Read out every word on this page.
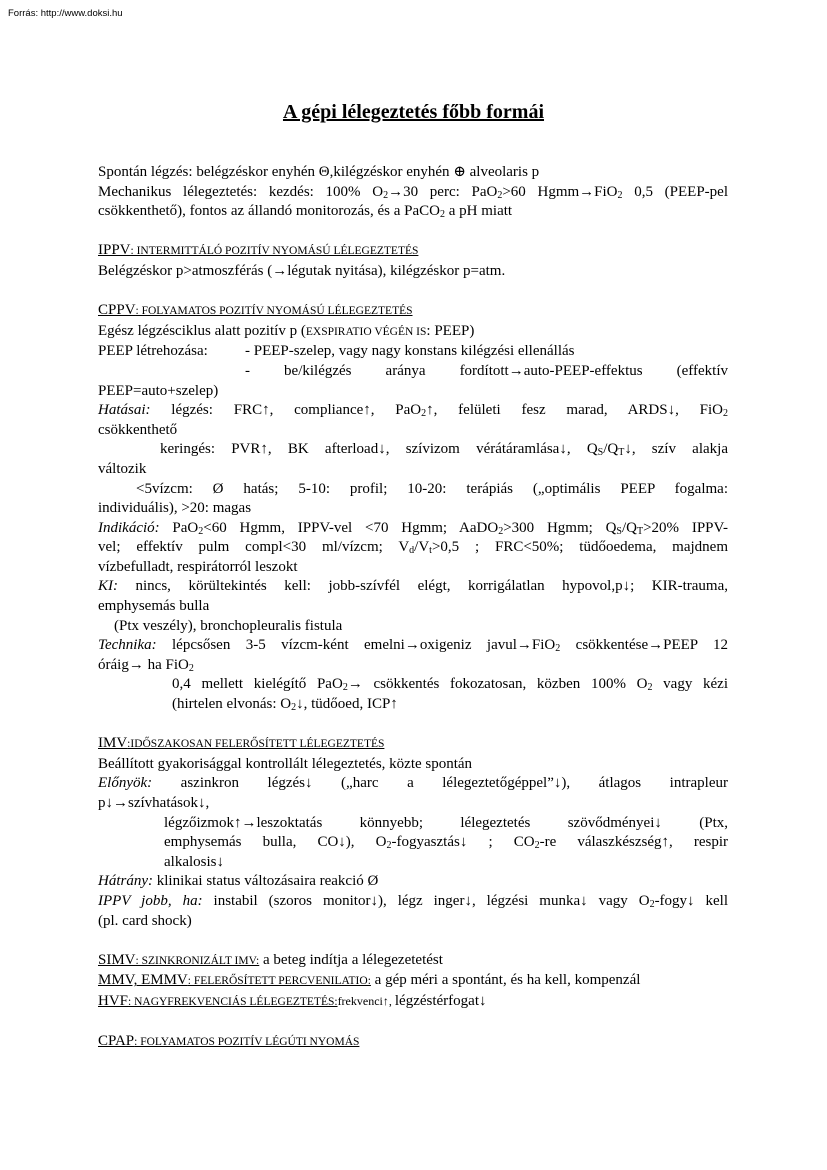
Forrás: http://www.doksi.hu
A gépi lélegeztetés főbb formái

Spontán légzés: belégzéskor enyhén Θ,kilégzéskor enyhén ⊕ alveolaris p

Mechanikus lélegeztetés: kezdés: 100% $O_2\to 30$ perc: PaO$_2$>60 Hgmm→FiO$_2$ 0,5 (PEEP-pel

csökkenthető), fontos az állandó monitorozás, és a PaCO$_2$ a pH miatt

IPPV: INTERMITTÁLÓ POZITÍV NYOMÁSÚ LÉLEGEZTETÉS

Belégzéskor p>atmoszférás (→légutak nyitása), kilégzéskor p=atm.

CPPV: FOLYAMATOS POZITÍV NYOMÁSÚ LÉLEGEZTETÉS

Egész légzésciklus alatt pozitív p (EXSPIRATIO VÉGÉN IS: PEEP)

PEEP létrehozása: - PEEP-szelep, vagy nagy konstans kilégzési ellenállás

- be/kilégzés aránya fordított→auto-PEEP-effektus (effektív

PEEP=auto+szelep)

Hatásai: légzés: FRC↑, compliance↑, PaO$_2$↑, felületi fesz marad, ARDS↓, FiO$_2$

csökkenthető

keringés: PVR↑, BK afterload↓, szívizom vérátáramlása↓, $Q_S/Q_T↓$, szív alakja

változik

<5vízcm: Ø hatás; 5-10: profil; 10-20: terápiás („optimális PEEP fogalma:

individuális), >20: magas

Indikáció: PaO$_2$<60 Hgmm, IPPV-vel <70 Hgmm; AaDO$_2$>300 Hgmm; $Q_S/Q_T>20\%$ IPPV-

vel; effektív pulm compl<30 ml/vízcm; $V_d/V_t>0,5$ ; FRC<50%; tüdőoedema, majdnem

vízbefulladt, respirátorról leszokt

KI: nincs, körültekintés kell: jobb-szívfél elégt, korrigálatlan hypovol,p↓; KIR-trauma,

emphysemás bulla

(Ptx veszély), bronchopleuralis fistula

Technika: lépcsősen 3-5 vízcm-ként emelni→oxigeniz javul→FiO$_2$ csökkentése→PEEP 12

óráig→ ha FiO$_2$

0,4 mellett kielégítő PaO$_2$→ csökkentés fokozatosan, közben 100% $O_2$ vagy kézi

(hirtelen elvonás: $O_2↓$, tüdőoed, ICP↑

IMV:IDŐSZAKOSAN FELERŐSÍTETT LÉLEGEZTETÉS

Beállított gyakorisággal kontrollált lélegeztetés, közte spontán

Előnyök: aszinkron légzés↓ („harc a lélegeztetőgéppel”↓), átlagos intrapleur

p↓→szívhatások↓,

légzőizmok↑→leszoktatás könnyebb; lélegeztetés szövődményei↓ (Ptx,

emphysemás bulla, CO↓), $O_2-fogyasztás↓$ ; $CO_2-re$ válaszkészség↑, respir

alkalosis↓

Hátrány: klinikai status változásaira reakció Ø

IPPV jobb, ha: instabil (szoros monitor↓), légz inger↓, légzési munka↓ vagy $O_2-fogy↓$ kell

(pl. card shock)

SIMV: SZINKRONIZÁLT IMV: a beteg indítja a lélegezetetést

MMV, EMMV: FELERŐSÍTETT PERCVENILATIO: a gép méri a spontánt, és ha kell, kompenzál

HVF: NAGYFREKVENCIÁS LÉLEGEZTETÉS:frekvenci↑, légzéstérfogat↓

CPAP: FOLYAMATOS POZITÍV LÉGÚTI NYOMÁS
